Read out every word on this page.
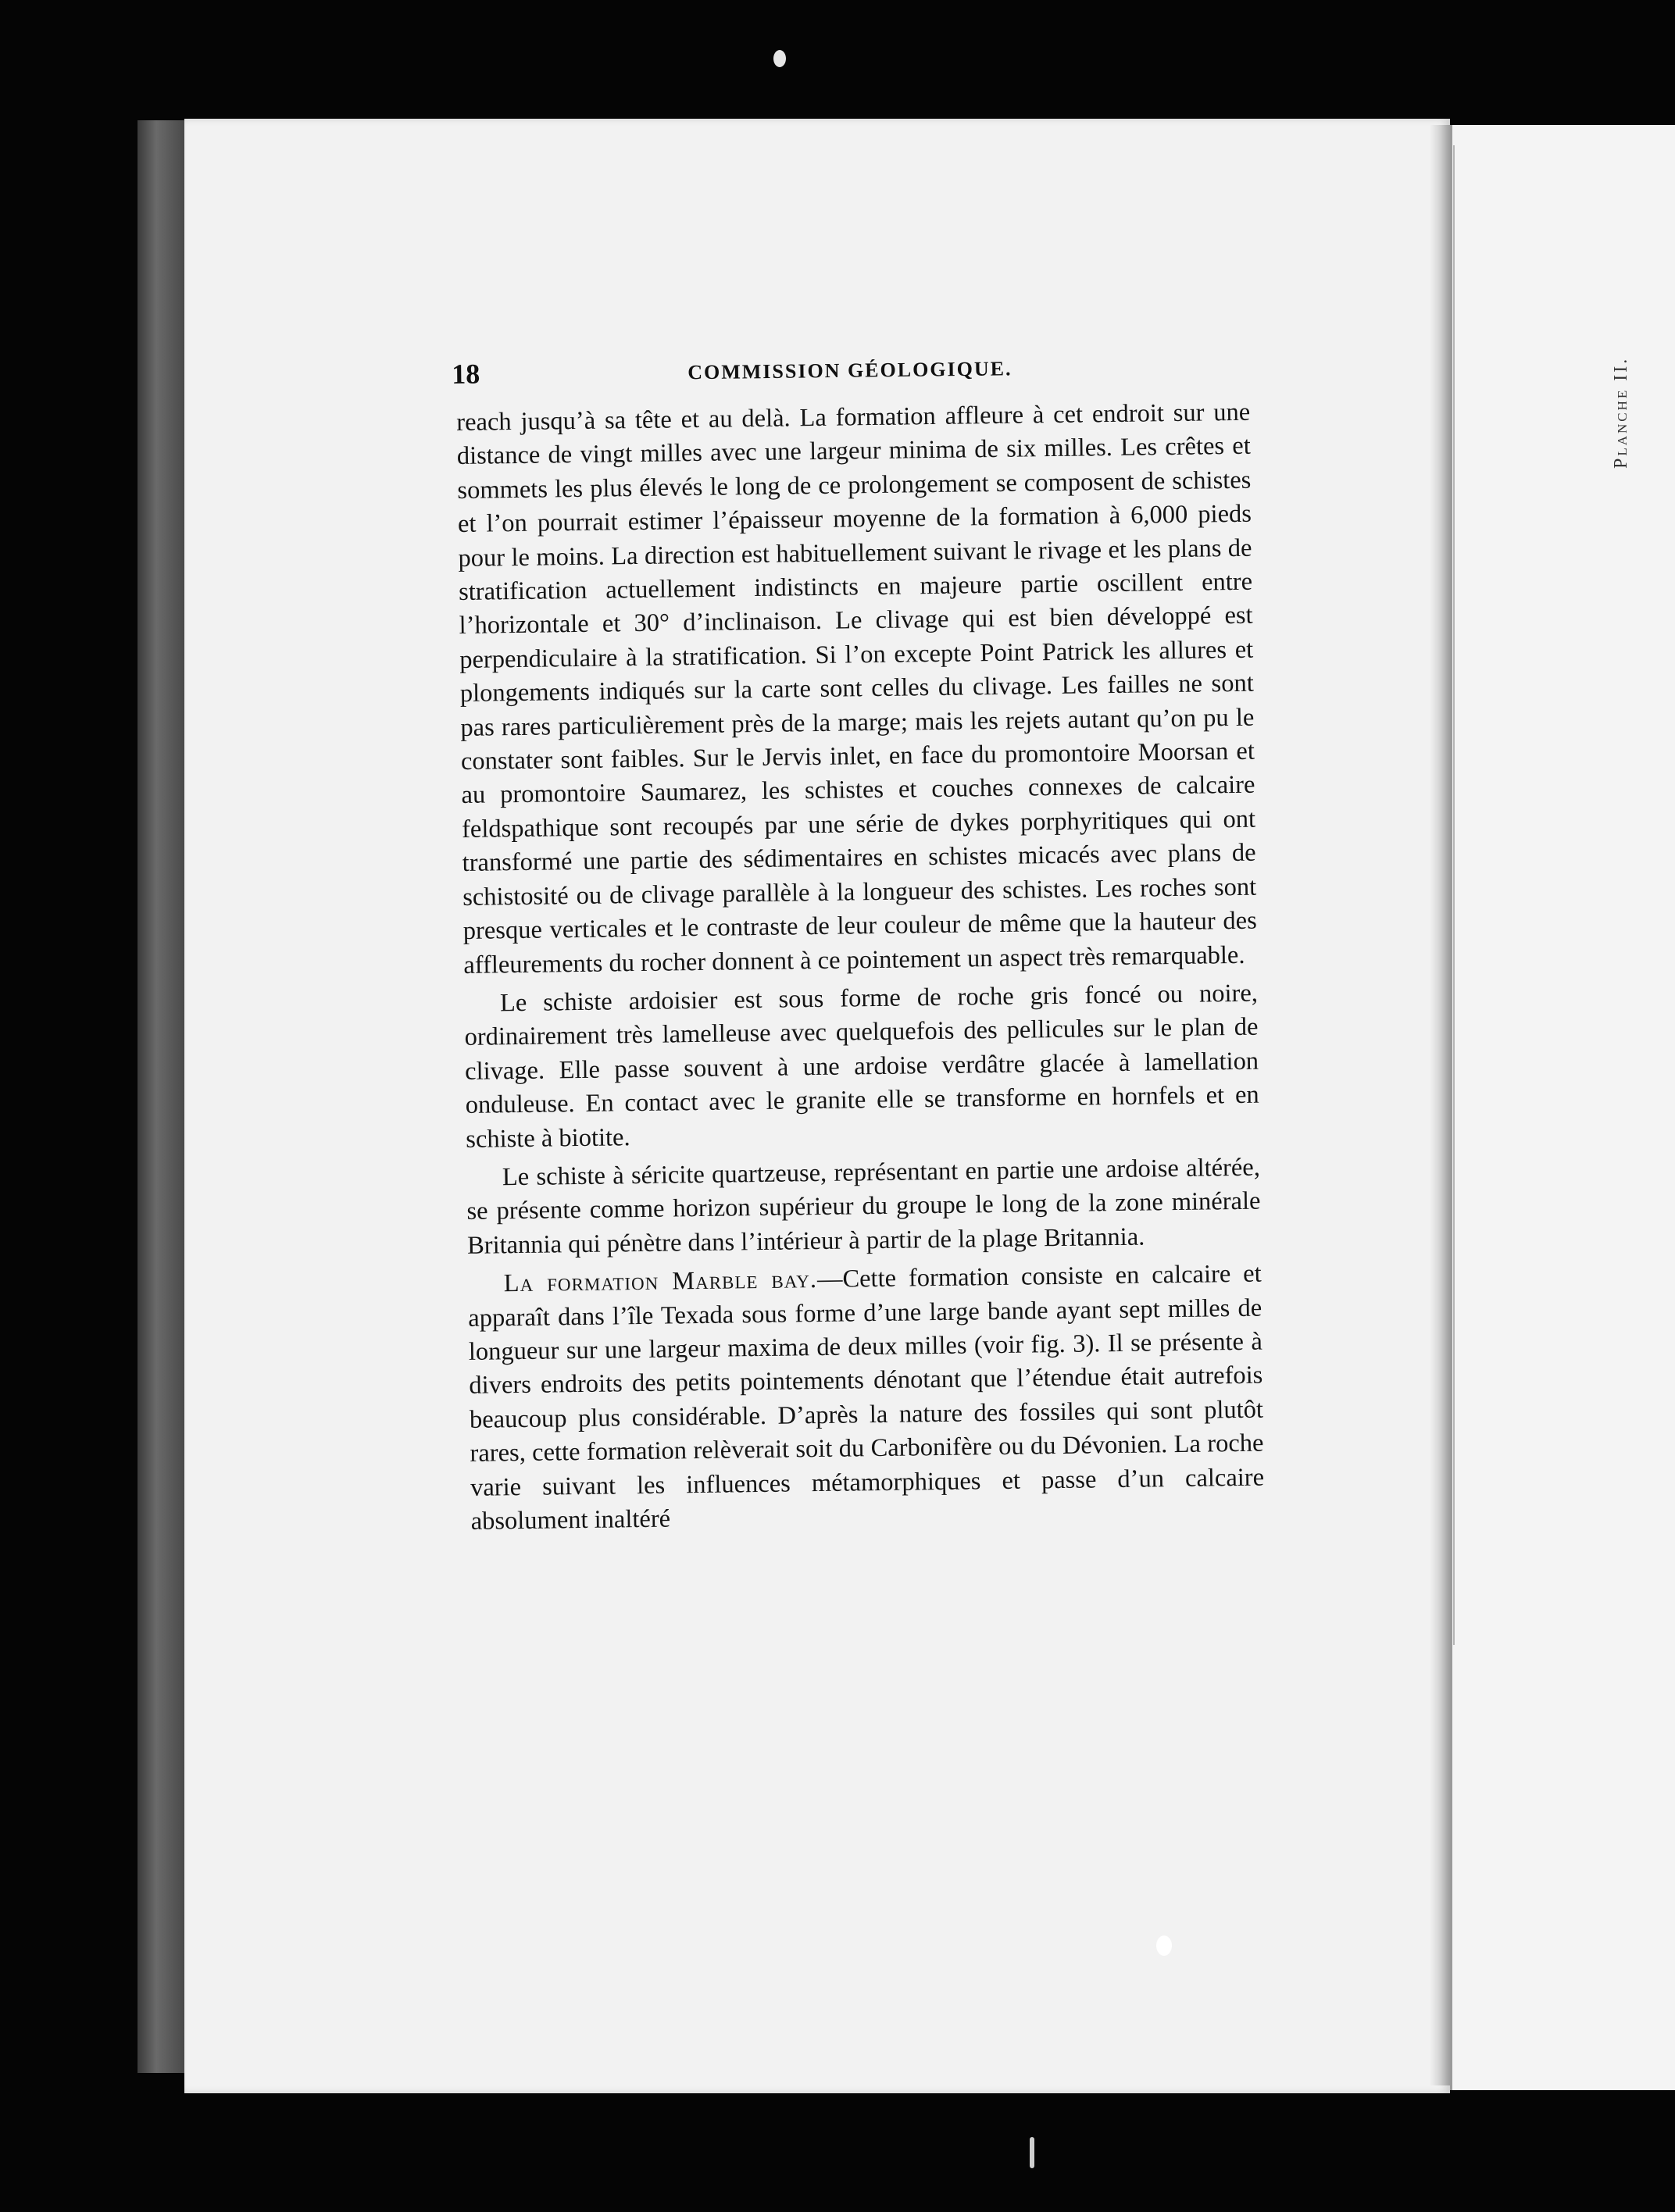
Planche II.
18	COMMISSION GÉOLOGIQUE.

reach jusqu’à sa tête et au delà. La formation affleure à cet endroit sur une distance de vingt milles avec une largeur minima de six milles. Les crêtes et sommets les plus élevés le long de ce prolongement se composent de schistes et l’on pourrait estimer l’épaisseur moyenne de la formation à 6,000 pieds pour le moins. La direction est habituellement suivant le rivage et les plans de stratification actuellement indistincts en majeure partie oscillent entre l’horizontale et 30° d’inclinaison. Le clivage qui est bien développé est perpendiculaire à la stratification. Si l’on excepte Point Patrick les allures et plongements indiqués sur la carte sont celles du clivage. Les failles ne sont pas rares particulièrement près de la marge; mais les rejets autant qu’on pu le constater sont faibles. Sur le Jervis inlet, en face du promontoire Moorsan et au promontoire Saumarez, les schistes et couches connexes de calcaire feldspathique sont recoupés par une série de dykes porphyritiques qui ont transformé une partie des sédimentaires en schistes micacés avec plans de schistosité ou de clivage parallèle à la longueur des schistes. Les roches sont presque verticales et le contraste de leur couleur de même que la hauteur des affleurements du rocher donnent à ce pointement un aspect très remarquable.

Le schiste ardoisier est sous forme de roche gris foncé ou noire, ordinairement très lamelleuse avec quelquefois des pellicules sur le plan de clivage. Elle passe souvent à une ardoise verdâtre glacée à lamellation onduleuse. En contact avec le granite elle se transforme en hornfels et en schiste à biotite.

Le schiste à séricite quartzeuse, représentant en partie une ardoise altérée, se présente comme horizon supérieur du groupe le long de la zone minérale Britannia qui pénètre dans l’intérieur à partir de la plage Britannia.

La formation Marble bay.—Cette formation consiste en calcaire et apparaît dans l’île Texada sous forme d’une large bande ayant sept milles de longueur sur une largeur maxima de deux milles (voir fig. 3). Il se présente à divers endroits des petits pointements dénotant que l’étendue était autrefois beaucoup plus considérable. D’après la nature des fossiles qui sont plutôt rares, cette formation relèverait soit du Carbonifère ou du Dévonien. La roche varie suivant les influences métamorphiques et passe d’un calcaire absolument inaltéré
